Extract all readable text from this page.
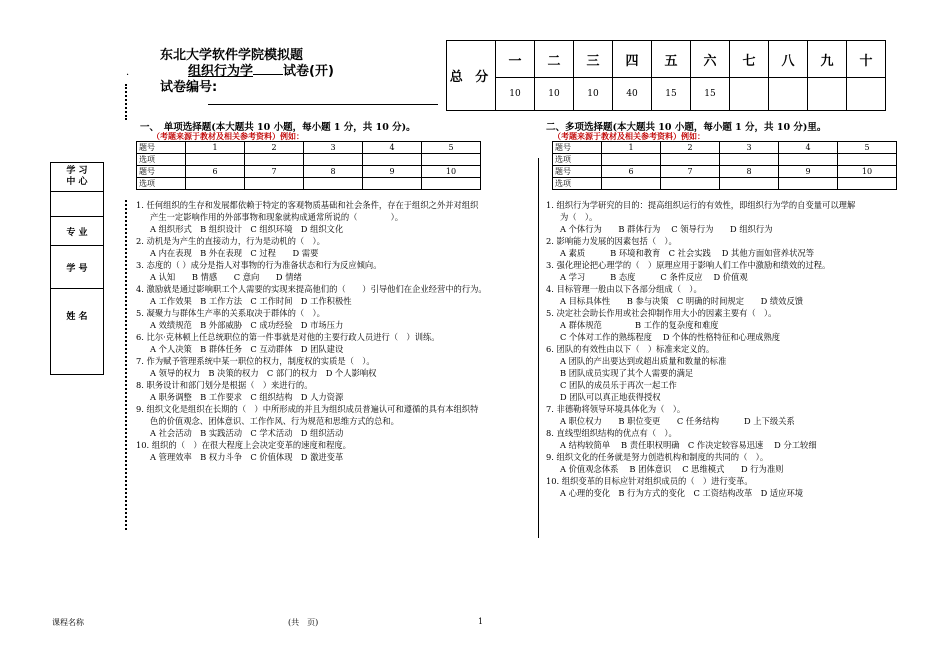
东北大学软件学院模拟题
组织行为学 试卷(开)
试卷编号:
总 分	一	二	三	四	五	六	七	八	九	十
	10	10	10	40	15	15				
·
学 习
中 心

专 业
学 号
姓 名
一、　单项选择题(本大题共 10 小题，每小题 1 分，共 10 分)。
（考题来源于教材及相关参考资料）例如：
题号	1	2	3	4	5
选项					
题号	6	7	8	9	10
选项					

1. 任何组织的生存和发展都依赖于特定的客观物质基础和社会条件，存在于组织之外并对组织

产生一定影响作用的外部事物和现象就构成通常所说的（　　　　）。

A 组织形式　B 组织设计　C 组织环境　D 组织文化

2. 动机是为产生的直接动力，行为是动机的（　）。

A 内在表现　B 外在表现　C 过程　　D 需要

3. 态度的（ ）成分是指人对事物的行为准备状态和行为反应倾向。

A 认知　　B 情感　　C 意向　　D 情绪

4. 激励就是通过影响职工个人需要的实现来提高他们的（　　）引导他们在企业经营中的行为。

A 工作效果　B 工作方法　C 工作时间　D 工作积极性

5. 凝聚力与群体生产率的关系取决于群体的（　）。

A 效绩规范　B 外部威胁　C 成功经验　D 市场压力

6. 比尔·克林顿上任总统职位的第一件事就是对他的主要行政人员进行（　）训练。

A 个人决策　B 群体任务　C 互动群体　D 团队建设

7. 作为赋予管理系统中某一职位的权力，制度权的实质是（　）。

A 领导的权力　B 决策的权力　C 部门的权力　D 个人影响权

8. 职务设计和部门划分是根据（　）来进行的。

A 职务调整　B 工作要求　C 组织结构　D 人力资源

9. 组织文化是组织在长期的（　）中所形成的并且为组织成员普遍认可和遵循的具有本组织特

色的价值观念、团体意识、工作作风、行为规范和思维方式的总和。

A 社会活动　B 实践活动　C 学术活动　D 组织活动

10. 组织的（　）在很大程度上会决定变革的速度和程度。

A 管理效率　B 权力斗争　C 价值体现　D 激进变革

二、多项选择题(本大题共 10 小题，每小题 1 分，共 10 分)里。
（考题来源于教材及相关参考资料）例如：
题号	1	2	3	4	5
选项					
题号	6	7	8	9	10
选项					

1. 组织行为学研究的目的：提高组织运行的有效性，即组织行为学的自变量可以理解

为（　）。

A 个体行为　　B 群体行为　 C 领导行为　　D 组织行为

2. 影响能力发展的因素包括（　）。

A 素质　　　B 环境和教育　C 社会实践　 D 其他方面如营养状况等

3. 强化理论把心理学的（　）原理应用于影响人们工作中激励和绩效的过程。

A 学习　　　B 态度　　　C 条件反应　 D 价值观

4. 目标管理一般由以下各部分组成（　）。

A 目标具体性　　B 参与决策　C 明确的时间规定　　D 绩效反馈

5. 决定社会助长作用或社会抑制作用大小的因素主要有（　）。

A 群体规范　　　　B 工作的复杂度和难度

C 个体对工作的熟练程度　 D 个体的性格特征和心理成熟度

6. 团队的有效性由以下（　）标准来定义的。

A 团队的产出要达到或超出质量和数量的标准

B 团队成员实现了其个人需要的满足

C 团队的成员乐于再次一起工作

D 团队可以真正地获得授权

7. 非德勒将领导环境具体化为（　）。

A 职位权力　　B 职位变更　　C 任务结构　　　D 上下级关系

8. 直线型组织结构的优点有（　）。

A 结构较简单　 B 责任职权明确　C 作决定较容易迅速　 D 分工较细

9. 组织文化的任务就是努力创造机构和制度的共同的（　）。

A 价值观念体系　 B 团体意识　 C 思维模式　　D 行为准则

10. 组织变革的目标应针对组织成员的（　）进行变革。

A 心理的变化　B 行为方式的变化　C 工资结构改革　D 适应环境

课程名称	(共　页)	1
